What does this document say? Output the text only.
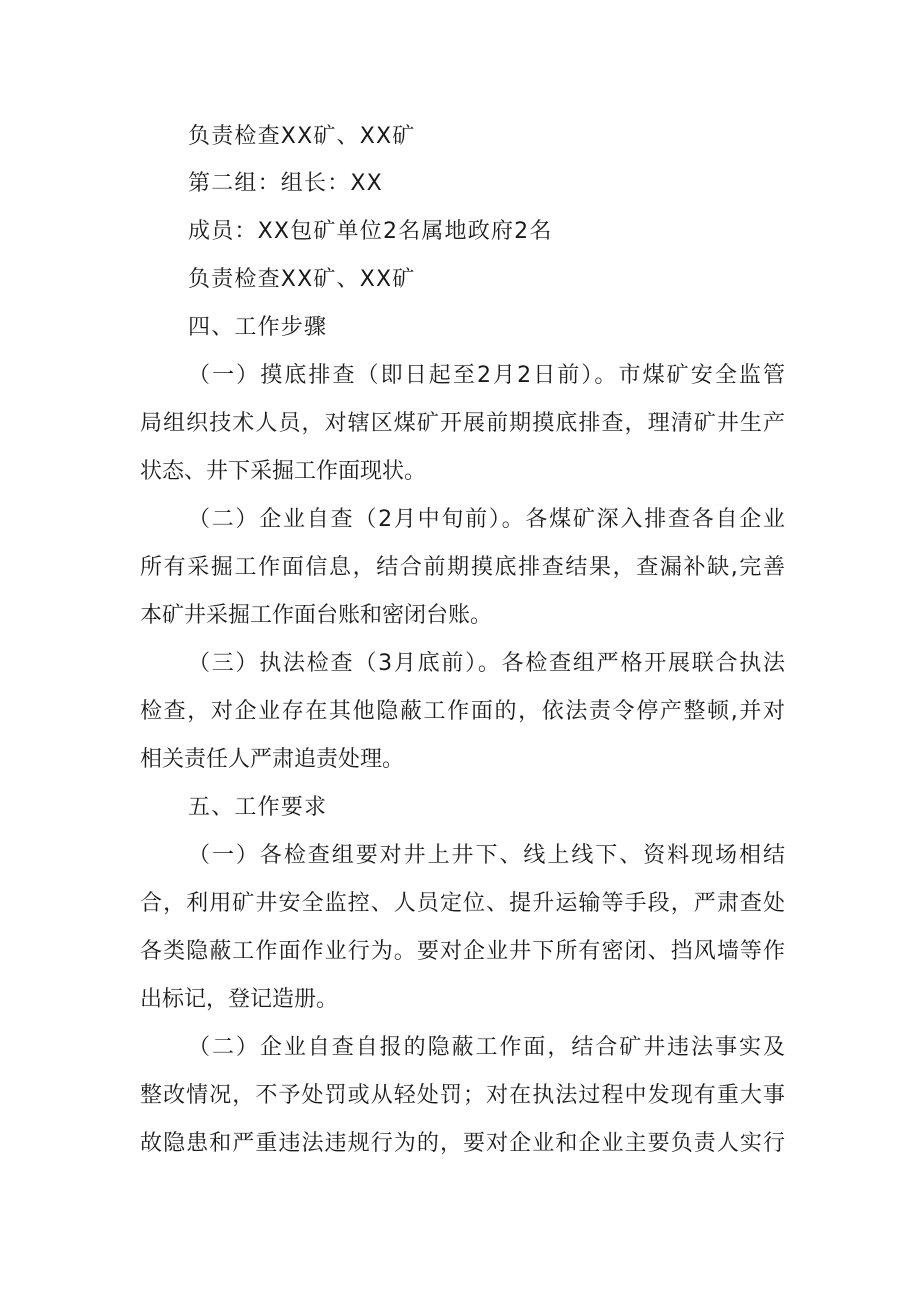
负责检查XX矿、XX矿
第二组：组长：XX
成员：XX包矿单位2名属地政府2名
负责检查XX矿、XX矿
四、工作步骤
（一）摸底排查（即日起至2月2日前）。市煤矿安全监管
局组织技术人员，对辖区煤矿开展前期摸底排查，理清矿井生产
状态、井下采掘工作面现状。
（二）企业自查（2月中旬前）。各煤矿深入排查各自企业
所有采掘工作面信息，结合前期摸底排查结果，查漏补缺,完善
本矿井采掘工作面台账和密闭台账。
（三）执法检查（3月底前）。各检查组严格开展联合执法
检查，对企业存在其他隐蔽工作面的，依法责令停产整顿,并对
相关责任人严肃追责处理。
五、工作要求
（一）各检查组要对井上井下、线上线下、资料现场相结
合，利用矿井安全监控、人员定位、提升运输等手段，严肃查处
各类隐蔽工作面作业行为。要对企业井下所有密闭、挡风墙等作
出标记，登记造册。
（二）企业自查自报的隐蔽工作面，结合矿井违法事实及
整改情况，不予处罚或从轻处罚；对在执法过程中发现有重大事
故隐患和严重违法违规行为的，要对企业和企业主要负责人实行
